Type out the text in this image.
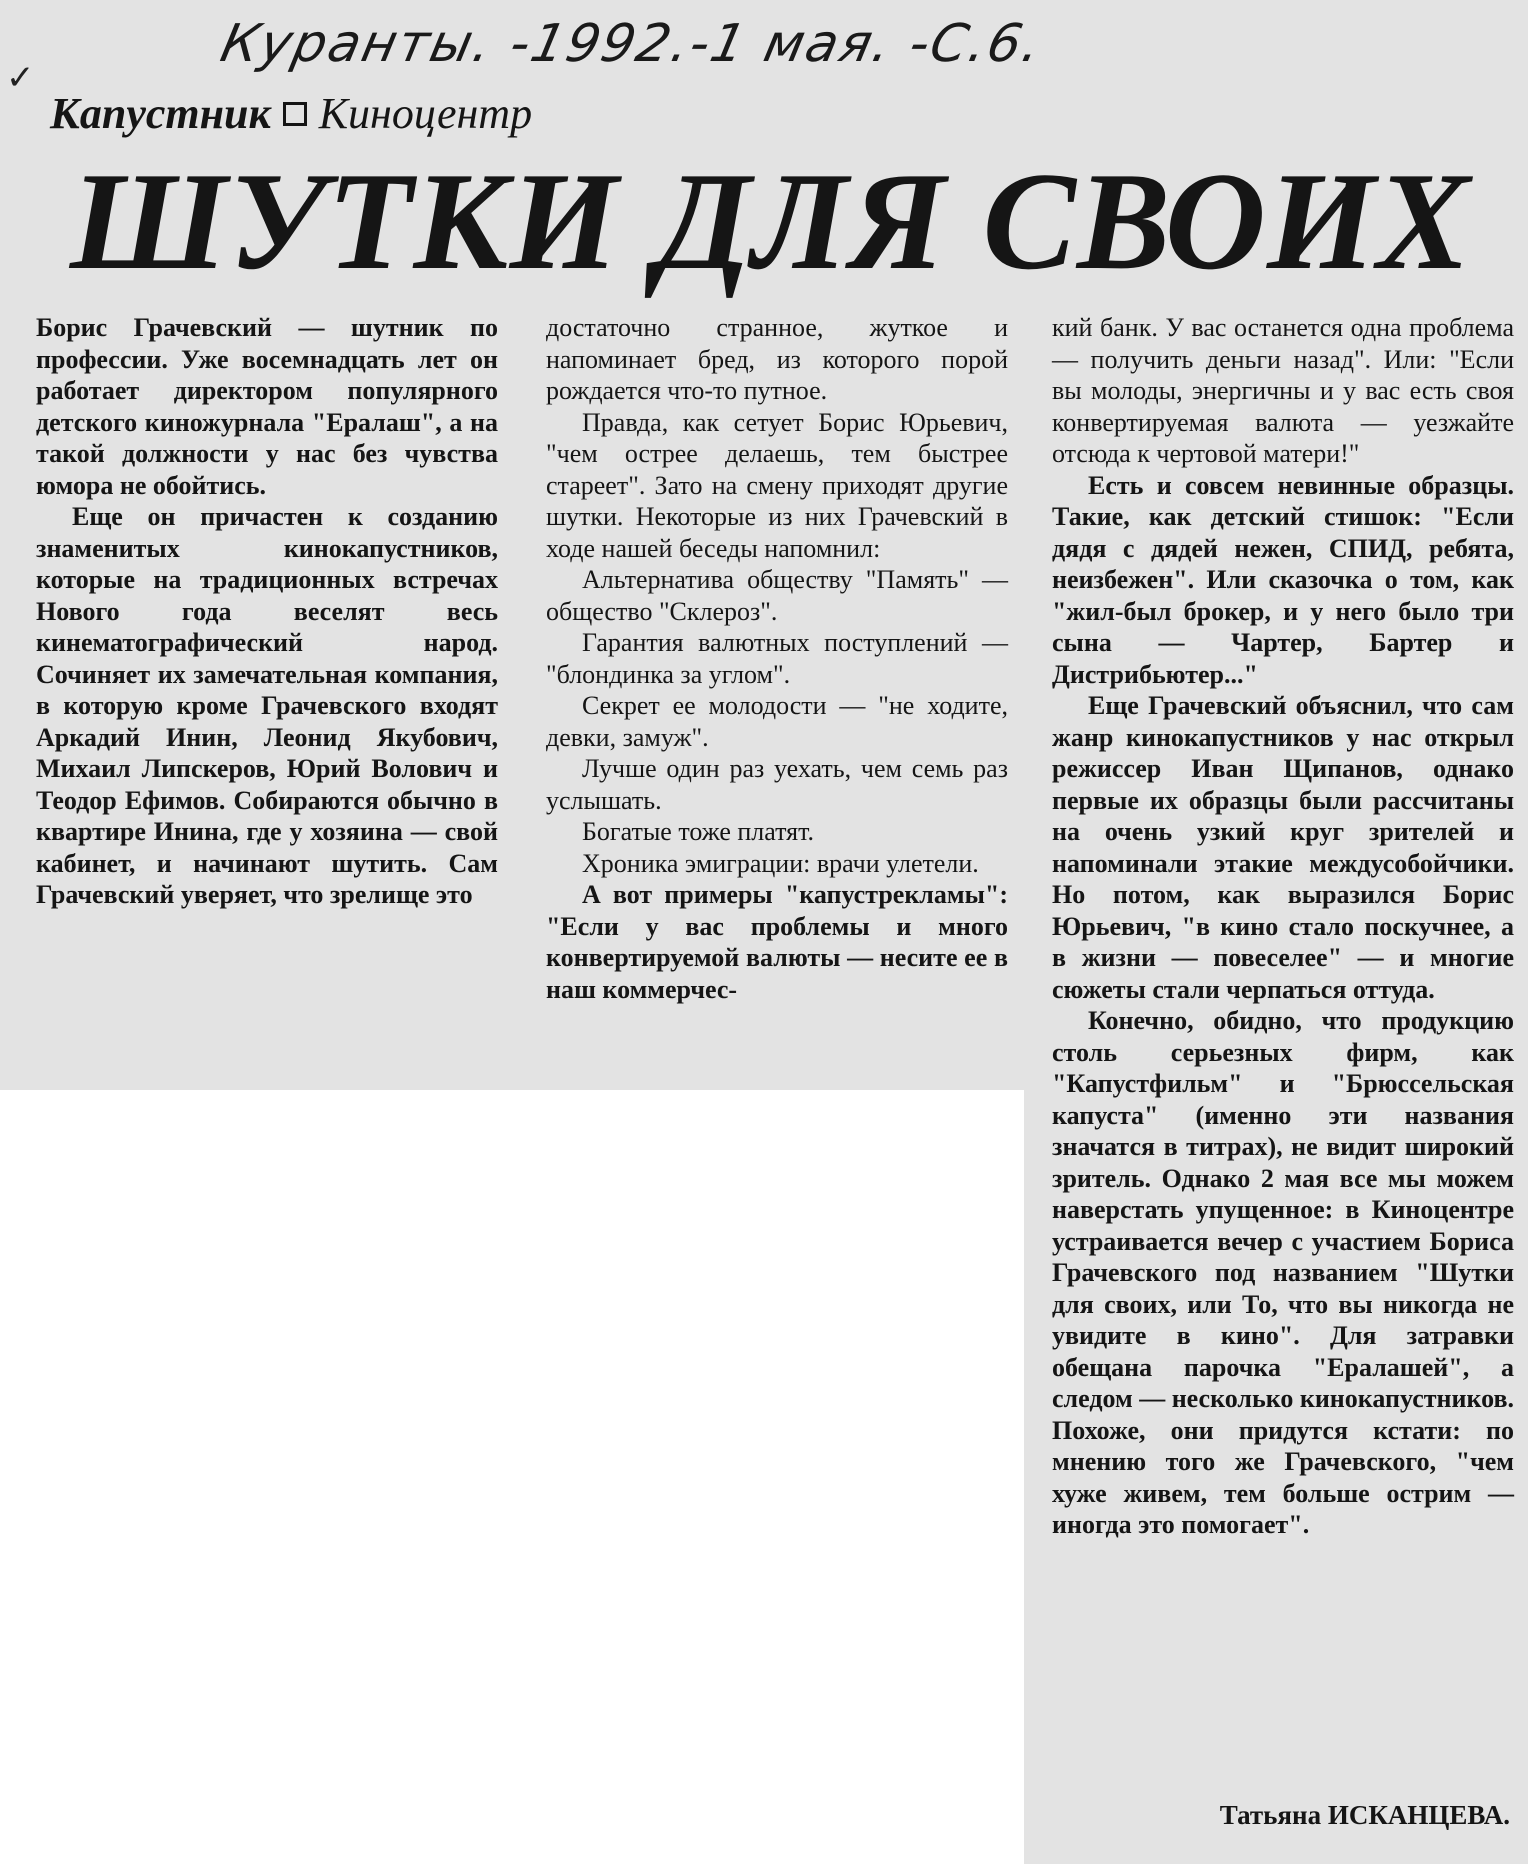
✓
Куранты. -1992.-1 мая. -С.6.
Капустник Киноцентр
ШУТКИ ДЛЯ СВОИХ

Борис Грачевский — шутник по профессии. Уже восемнадцать лет он работает директором популярного детского киножурнала "Ералаш", а на такой должности у нас без чувства юмора не обойтись.

Еще он причастен к созданию знаменитых кинокапустников, которые на традиционных встречах Нового года веселят весь кинематографический народ. Сочиняет их замечательная компания, в которую кроме Грачевского входят Аркадий Инин, Леонид Якубович, Михаил Липскеров, Юрий Волович и Теодор Ефимов. Собираются обычно в квартире Инина, где у хозяина — свой кабинет, и начинают шутить. Сам Грачевский уверяет, что зрелище это

достаточно странное, жуткое и напоминает бред, из которого порой рождается что-то путное.

Правда, как сетует Борис Юрьевич, "чем острее делаешь, тем быстрее стареет". Зато на смену приходят другие шутки. Некоторые из них Грачевский в ходе нашей беседы напомнил:

Альтернатива обществу "Память" — общество "Склероз".

Гарантия валютных поступлений — "блондинка за углом".

Секрет ее молодости — "не ходите, девки, замуж".

Лучше один раз уехать, чем семь раз услышать.

Богатые тоже платят.

Хроника эмиграции: врачи улетели.

А вот примеры "капустрекламы": "Если у вас проблемы и много конвертируемой валюты — несите ее в наш коммерчес-

кий банк. У вас останется одна проблема — получить деньги назад". Или: "Если вы молоды, энергичны и у вас есть своя конвертируемая валюта — уезжайте отсюда к чертовой матери!"

Есть и совсем невинные образцы. Такие, как детский стишок: "Если дядя с дядей нежен, СПИД, ребята, неизбежен". Или сказочка о том, как "жил-был брокер, и у него было три сына — Чартер, Бартер и Дистрибьютер..."

Еще Грачевский объяснил, что сам жанр кинокапустников у нас открыл режиссер Иван Щипанов, однако первые их образцы были рассчитаны на очень узкий круг зрителей и напоминали этакие междусобойчики. Но потом, как выразился Борис Юрьевич, "в кино стало поскучнее, а в жизни — повеселее" — и многие сюжеты стали черпаться оттуда.

Конечно, обидно, что продукцию столь серьезных фирм, как "Капустфильм" и "Брюссельская капуста" (именно эти названия значатся в титрах), не видит широкий зритель. Однако 2 мая все мы можем наверстать упущенное: в Киноцентре устраивается вечер с участием Бориса Грачевского под названием "Шутки для своих, или То, что вы никогда не увидите в кино". Для затравки обещана парочка "Ералашей", а следом — несколько кинокапустников. Похоже, они придутся кстати: по мнению того же Грачевского, "чем хуже живем, тем больше острим — иногда это помогает".

Татьяна ИСКАНЦЕВА.
